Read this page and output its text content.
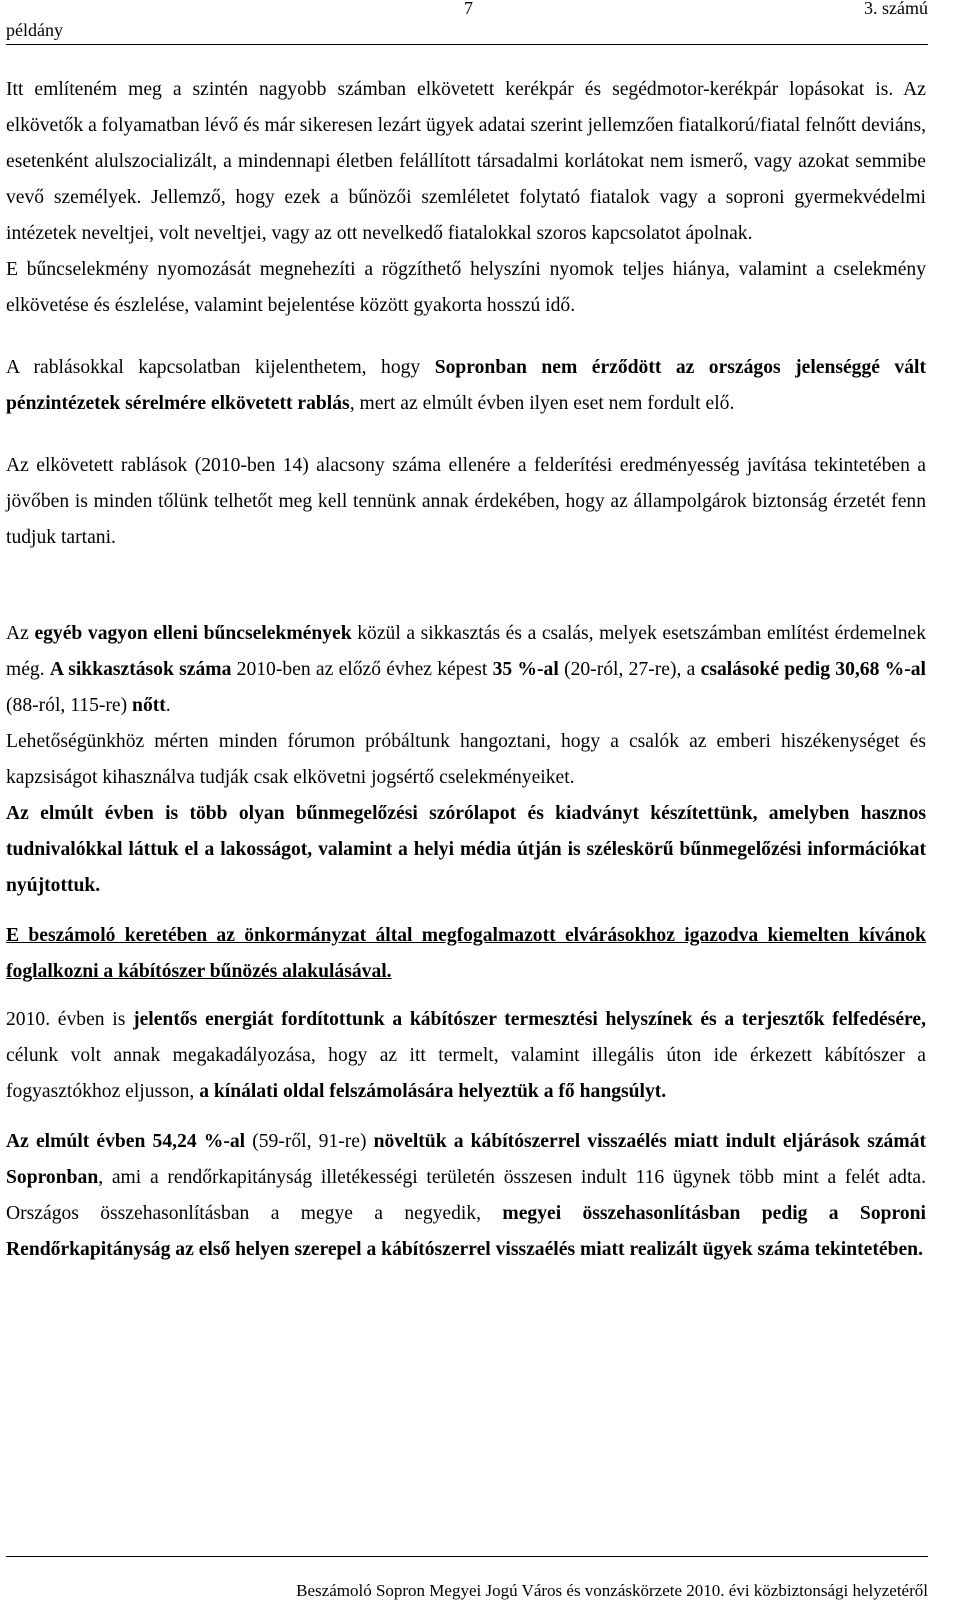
példány
7	3. számú

Itt említeném meg a szintén nagyobb számban elkövetett kerékpár és segédmotor-kerékpár lopásokat is. Az elkövetők a folyamatban lévő és már sikeresen lezárt ügyek adatai szerint jellemzően fiatalkorú/fiatal felnőtt deviáns, esetenként alulszocializált, a mindennapi életben felállított társadalmi korlátokat nem ismerő, vagy azokat semmibe vevő személyek. Jellemző, hogy ezek a bűnözői szemléletet folytató fiatalok vagy a soproni gyermekvédelmi intézetek neveltjei, volt neveltjei, vagy az ott nevelkedő fiatalokkal szoros kapcsolatot ápolnak.

E bűncselekmény nyomozását megnehezíti a rögzíthető helyszíni nyomok teljes hiánya, valamint a cselekmény elkövetése és észlelése, valamint bejelentése között gyakorta hosszú idő.

A rablásokkal kapcsolatban kijelenthetem, hogy Sopronban nem érződött az országos jelenséggé vált pénzintézetek sérelmére elkövetett rablás, mert az elmúlt évben ilyen eset nem fordult elő.

Az elkövetett rablások (2010-ben 14) alacsony száma ellenére a felderítési eredményesség javítása tekintetében a jövőben is minden tőlünk telhetőt meg kell tennünk annak érdekében, hogy az állampolgárok biztonság érzetét fenn tudjuk tartani.

Az egyéb vagyon elleni bűncselekmények közül a sikkasztás és a csalás, melyek esetszámban említést érdemelnek még. A sikkasztások száma 2010-ben az előző évhez képest 35 %-al (20-ról, 27-re), a csalásoké pedig 30,68 %-al (88-ról, 115-re) nőtt.

Lehetőségünkhöz mérten minden fórumon próbáltunk hangoztani, hogy a csalók az emberi hiszékenységet és kapzsiságot kihasználva tudják csak elkövetni jogsértő cselekményeiket.

Az elmúlt évben is több olyan bűnmegelőzési szórólapot és kiadványt készítettünk, amelyben hasznos tudnivalókkal láttuk el a lakosságot, valamint a helyi média útján is széleskörű bűnmegelőzési információkat nyújtottuk.

E beszámoló keretében az önkormányzat által megfogalmazott elvárásokhoz igazodva kiemelten kívánok foglalkozni a kábítószer bűnözés alakulásával.

2010. évben is jelentős energiát fordítottunk a kábítószer termesztési helyszínek és a terjesztők felfedésére, célunk volt annak megakadályozása, hogy az itt termelt, valamint illegális úton ide érkezett kábítószer a fogyasztókhoz eljusson, a kínálati oldal felszámolására helyeztük a fő hangsúlyt.

Az elmúlt évben 54,24 %-al (59-ről, 91-re) növeltük a kábítószerrel visszaélés miatt indult eljárások számát Sopronban, ami a rendőrkapitányság illetékességi területén összesen indult 116 ügynek több mint a felét adta. Országos összehasonlításban a megye a negyedik, megyei összehasonlításban pedig a Soproni Rendőrkapitányság az első helyen szerepel a kábítószerrel visszaélés miatt realizált ügyek száma tekintetében.

Beszámoló Sopron Megyei Jogú Város és vonzáskörzete 2010. évi közbiztonsági helyzetéről
